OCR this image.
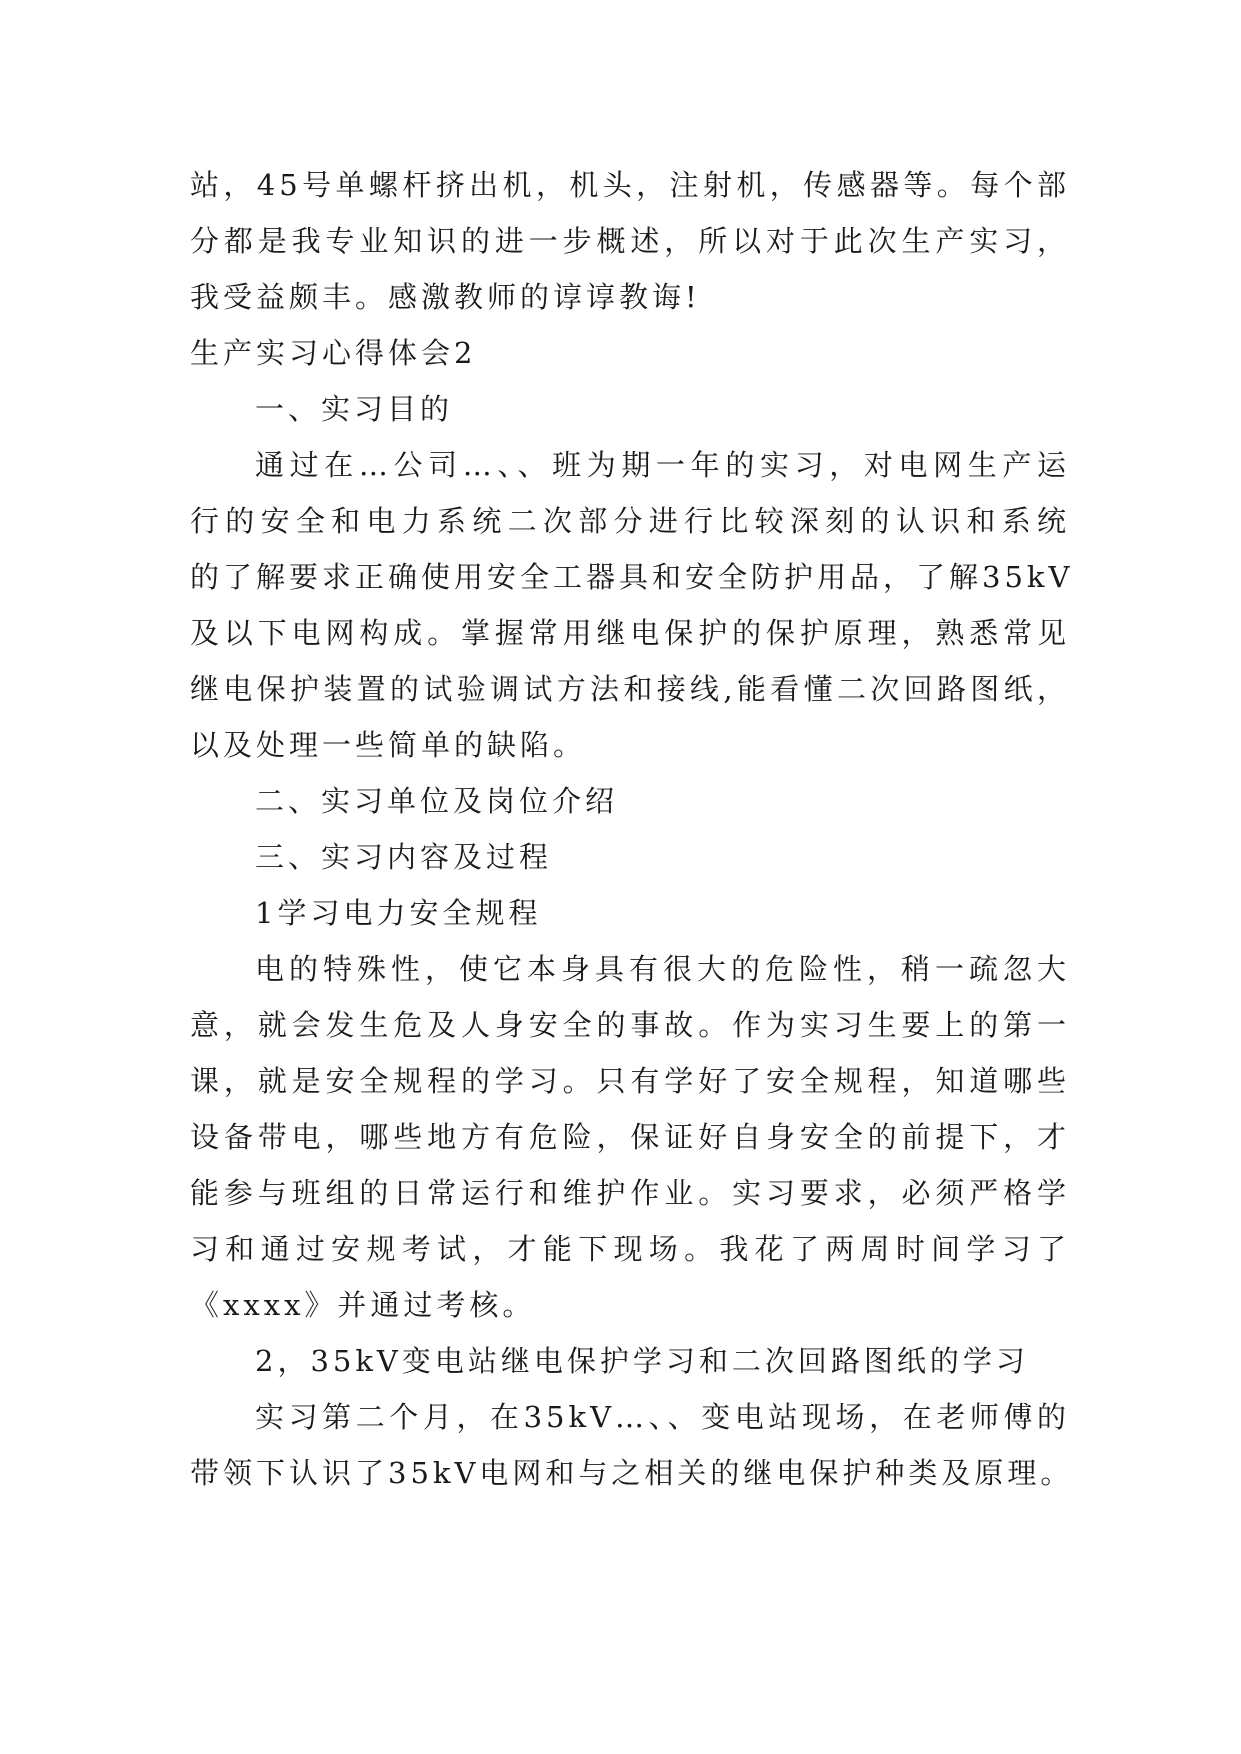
站，45号单螺杆挤出机，机头，注射机，传感器等。每个部
分都是我专业知识的进一步概述，所以对于此次生产实习，
我受益颇丰。感激教师的谆谆教诲!
生产实习心得体会2
一、实习目的
通过在…公司…、、班为期一年的实习，对电网生产运
行的安全和电力系统二次部分进行比较深刻的认识和系统
的了解要求正确使用安全工器具和安全防护用品，了解35kV
及以下电网构成。掌握常用继电保护的保护原理，熟悉常见
继电保护装置的试验调试方法和接线,能看懂二次回路图纸，
以及处理一些简单的缺陷。
二、实习单位及岗位介绍
三、实习内容及过程
1学习电力安全规程
电的特殊性，使它本身具有很大的危险性，稍一疏忽大
意，就会发生危及人身安全的事故。作为实习生要上的第一
课，就是安全规程的学习。只有学好了安全规程，知道哪些
设备带电，哪些地方有危险，保证好自身安全的前提下，才
能参与班组的日常运行和维护作业。实习要求，必须严格学
习和通过安规考试，才能下现场。我花了两周时间学习了
《xxxx》并通过考核。
2，35kV变电站继电保护学习和二次回路图纸的学习
实习第二个月，在35kV…、、变电站现场，在老师傅的
带领下认识了35kV电网和与之相关的继电保护种类及原理。
